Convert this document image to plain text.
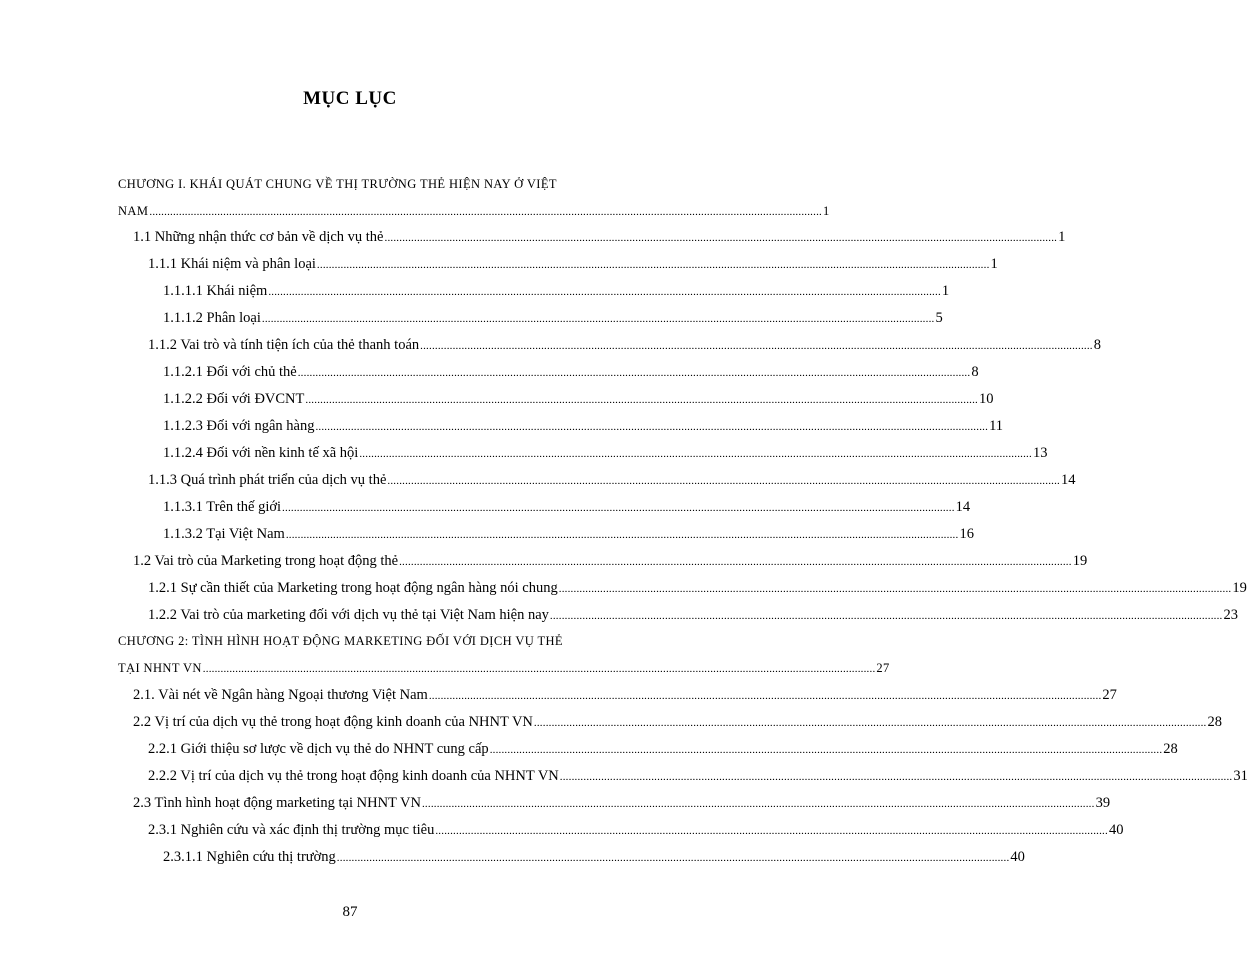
MỤC LỤC
CHƯƠNG I. KHÁI QUÁT CHUNG VỀ THỊ TRƯỜNG THẺ HIỆN NAY Ở VIỆT
NAM .................................................................................................................................................................................................................................... 1
1.1 Những nhận thức cơ bản về dịch vụ thẻ .................................................................................................................................................................................................................................... 1
1.1.1 Khái niệm và phân loại .................................................................................................................................................................................................................................... 1
1.1.1.1 Khái niệm .................................................................................................................................................................................................................................... 1
1.1.1.2 Phân loại .................................................................................................................................................................................................................................... 5
1.1.2 Vai trò và tính tiện ích của thẻ thanh toán .................................................................................................................................................................................................................................... 8
1.1.2.1 Đối với chủ thẻ .................................................................................................................................................................................................................................... 8
1.1.2.2 Đối với ĐVCNT .................................................................................................................................................................................................................................... 10
1.1.2.3 Đối với ngân hàng .................................................................................................................................................................................................................................... 11
1.1.2.4 Đối với nền kinh tế xã hội .................................................................................................................................................................................................................................... 13
1.1.3 Quá trình phát triển của dịch vụ thẻ .................................................................................................................................................................................................................................... 14
1.1.3.1 Trên thế giới .................................................................................................................................................................................................................................... 14
1.1.3.2 Tại Việt Nam .................................................................................................................................................................................................................................... 16
1.2 Vai trò của Marketing trong hoạt động thẻ .................................................................................................................................................................................................................................... 19
1.2.1 Sự cần thiết của Marketing trong hoạt động ngân hàng nói chung .................................................................................................................................................................................................................................... 19
1.2.2 Vai trò của marketing đối với dịch vụ thẻ tại Việt Nam hiện nay .................................................................................................................................................................................................................................... 23
CHƯƠNG 2: TÌNH HÌNH HOẠT ĐỘNG MARKETING ĐỐI VỚI DỊCH VỤ THẺ
TẠI NHNT VN .................................................................................................................................................................................................................................... 27
2.1. Vài nét về Ngân hàng Ngoại thương Việt Nam .................................................................................................................................................................................................................................... 27
2.2 Vị trí của dịch vụ thẻ trong hoạt động kinh doanh của NHNT VN .................................................................................................................................................................................................................................... 28
2.2.1 Giới thiệu sơ lược về dịch vụ thẻ do NHNT cung cấp .................................................................................................................................................................................................................................... 28
2.2.2 Vị trí của dịch vụ thẻ trong hoạt động kinh doanh của NHNT VN .................................................................................................................................................................................................................................... 31
2.3 Tình hình hoạt động marketing tại NHNT VN .................................................................................................................................................................................................................................... 39
2.3.1 Nghiên cứu và xác định thị trường mục tiêu .................................................................................................................................................................................................................................... 40
2.3.1.1 Nghiên cứu thị trường .................................................................................................................................................................................................................................... 40
87
